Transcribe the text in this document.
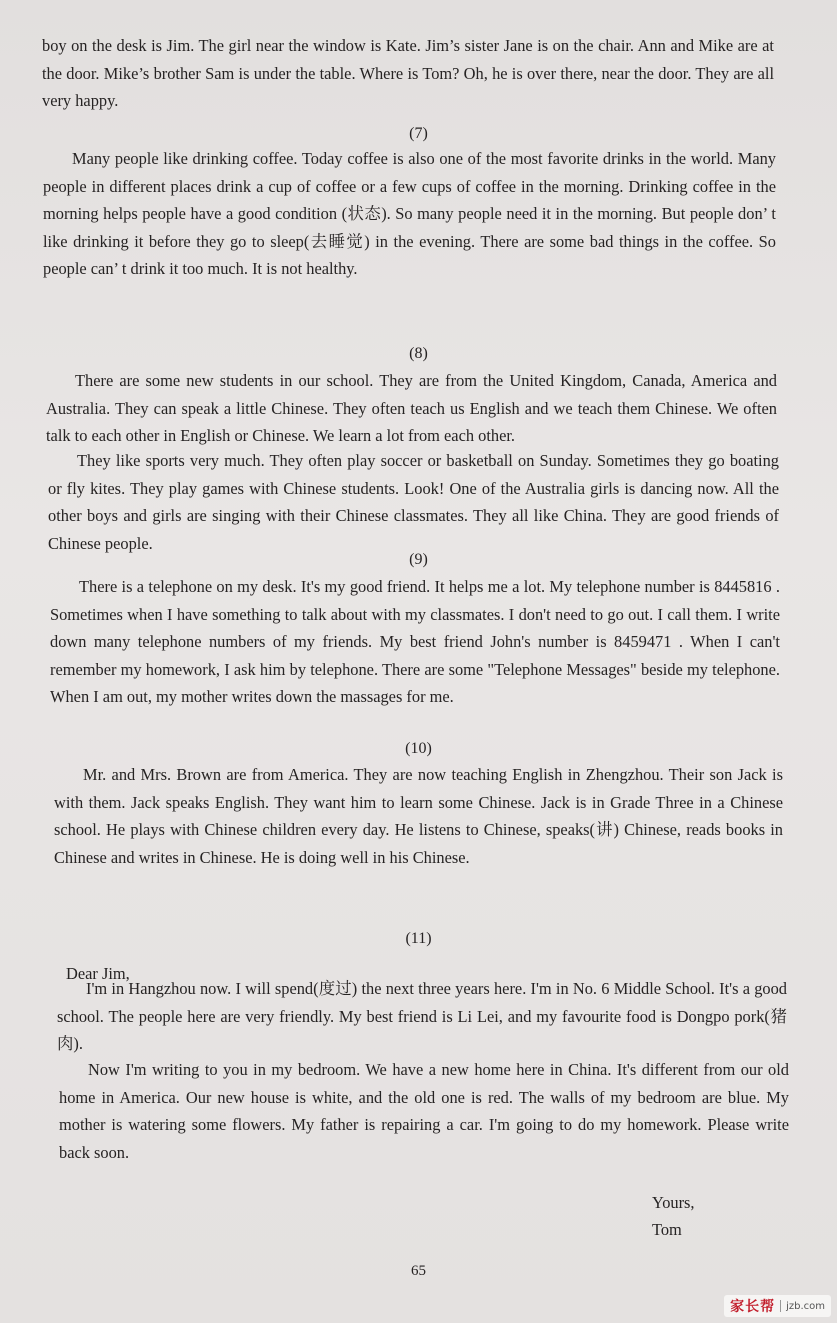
boy on the desk is Jim. The girl near the window is Kate. Jim’s sister Jane is on the chair. Ann and Mike are at the door. Mike’s brother Sam is under the table. Where is Tom? Oh, he is over there, near the door. They are all very happy.

(7)

Many people like drinking coffee. Today coffee is also one of the most favorite drinks in the world. Many people in different places drink a cup of coffee or a few cups of coffee in the morning. Drinking coffee in the morning helps people have a good condition (状态). So many people need it in the morning. But people don’ t like drinking it before they go to sleep(去睡觉) in the evening. There are some bad things in the coffee. So people can’ t drink it too much. It is not healthy.

(8)

There are some new students in our school. They are from the United Kingdom, Canada, America and Australia. They can speak a little Chinese. They often teach us English and we teach them Chinese. We often talk to each other in English or Chinese. We learn a lot from each other.

They like sports very much. They often play soccer or basketball on Sunday. Sometimes they go boating or fly kites. They play games with Chinese students. Look! One of the Australia girls is dancing now. All the other boys and girls are singing with their Chinese classmates. They all like China. They are good friends of Chinese people.

(9)

There is a telephone on my desk. It's my good friend. It helps me a lot. My telephone number is 8445816 . Sometimes when I have something to talk about with my classmates. I don't need to go out. I call them. I write down many telephone numbers of my friends. My best friend John's number is 8459471 . When I can't remember my homework, I ask him by telephone. There are some "Telephone Messages" beside my telephone. When I am out, my mother writes down the massages for me.

(10)

Mr. and Mrs. Brown are from America. They are now teaching English in Zhengzhou. Their son Jack is with them. Jack speaks English. They want him to learn some Chinese. Jack is in Grade Three in a Chinese school. He plays with Chinese children every day. He listens to Chinese, speaks(讲) Chinese, reads books in Chinese and writes in Chinese. He is doing well in his Chinese.

(11)

Dear Jim,

I'm in Hangzhou now. I will spend(度过) the next three years here. I'm in No. 6 Middle School. It's a good school. The people here are very friendly. My best friend is Li Lei, and my favourite food is Dongpo pork(猪肉).

Now I'm writing to you in my bedroom. We have a new home here in China. It's different from our old home in America. Our new house is white, and the old one is red. The walls of my bedroom are blue. My mother is watering some flowers. My father is repairing a car. I'm going to do my homework. Please write back soon.

Yours,

Tom

65

家长帮 jzb.com
